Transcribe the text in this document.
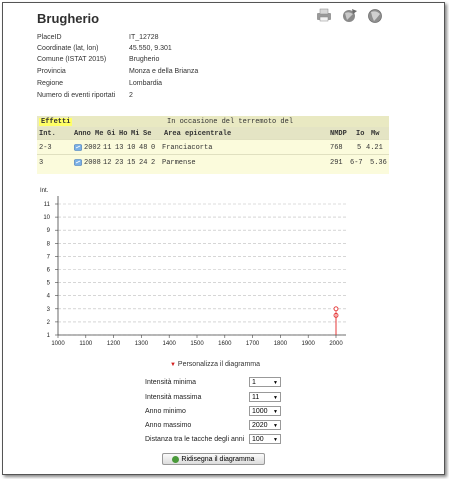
Brugherio
PlaceID	IT_12728
Coordinate (lat, lon)	45.550, 9.301
Comune (ISTAT 2015)	Brugherio
Provincia	Monza e della Brianza
Regione	Lombardia
Numero di eventi riportati 2
Effetti	In occasione del terremoto del
Int.	Anno Me Gi Ho Mi Se Area epicentrale	NMDP Io Mw
2-3	2002 11 13 10 48 0 Franciacorta	768 5 4.21
3	2008 12 23 15 24 2 Parmense	291 6-7 5.36
Int.
1
2
3
4
5
6
7
8
9
10
11
1000 1100 1200 1300 1400 1500 1600 1700 1800 1900 2000
▼ Personalizza il diagramma
Intensità minima	1	▼
Intensità massima	11	▼
Anno minimo	1000 ▼
Anno massimo	2020 ▼
Distanza tra le tacche degli anni	100 ▼
Ridisegna il diagramma
